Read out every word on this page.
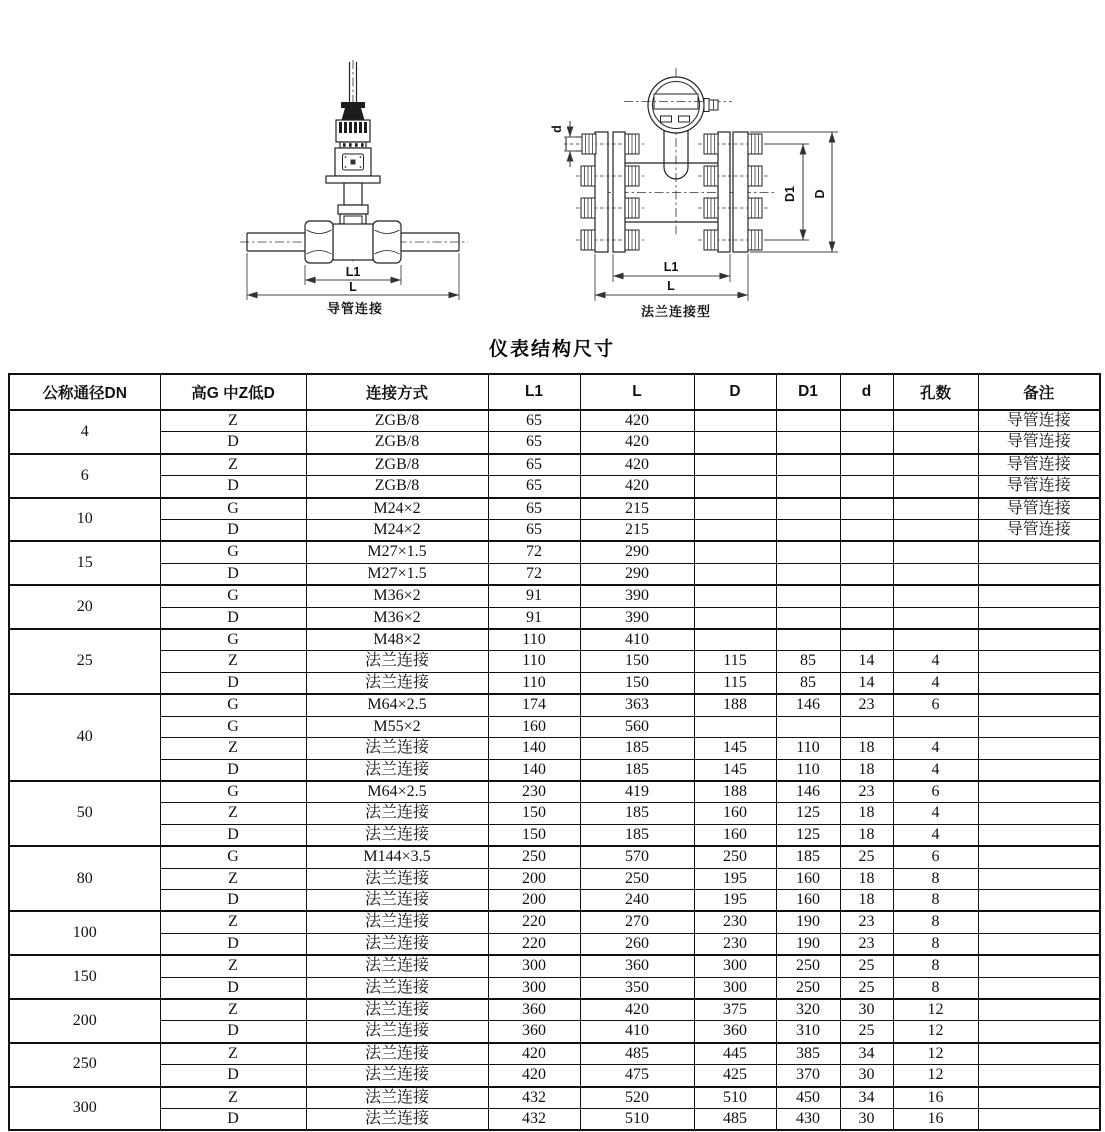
L1
L
导管连接
d
D1 D
L1
L
法兰连接型
仪表结构尺寸
公称通径DN	高G 中Z低D	连接方式	L1	L	D	D1	d	孔数	备注
4	Z	ZGB/8	65	420					导管连接
	D	ZGB/8	65	420					导管连接
6	Z	ZGB/8	65	420					导管连接
	D	ZGB/8	65	420					导管连接
10	G	M24×2	65	215					导管连接
	D	M24×2	65	215					导管连接
15	G	M27×1.5	72	290					
	D	M27×1.5	72	290					
20	G	M36×2	91	390					
	D	M36×2	91	390					
25	G	M48×2	110	410					
	Z	法兰连接	110	150	115	85	14	4	
	D	法兰连接	110	150	115	85	14	4	
40	G	M64×2.5	174	363	188	146	23	6	
	G	M55×2	160	560					
	Z	法兰连接	140	185	145	110	18	4	
	D	法兰连接	140	185	145	110	18	4	
50	G	M64×2.5	230	419	188	146	23	6	
	Z	法兰连接	150	185	160	125	18	4	
	D	法兰连接	150	185	160	125	18	4	
80	G	M144×3.5	250	570	250	185	25	6	
	Z	法兰连接	200	250	195	160	18	8	
	D	法兰连接	200	240	195	160	18	8	
100	Z	法兰连接	220	270	230	190	23	8	
	D	法兰连接	220	260	230	190	23	8	
150	Z	法兰连接	300	360	300	250	25	8	
	D	法兰连接	300	350	300	250	25	8	
200	Z	法兰连接	360	420	375	320	30	12	
	D	法兰连接	360	410	360	310	25	12	
250	Z	法兰连接	420	485	445	385	34	12	
	D	法兰连接	420	475	425	370	30	12	
300	Z	法兰连接	432	520	510	450	34	16	
	D	法兰连接	432	510	485	430	30	16	
